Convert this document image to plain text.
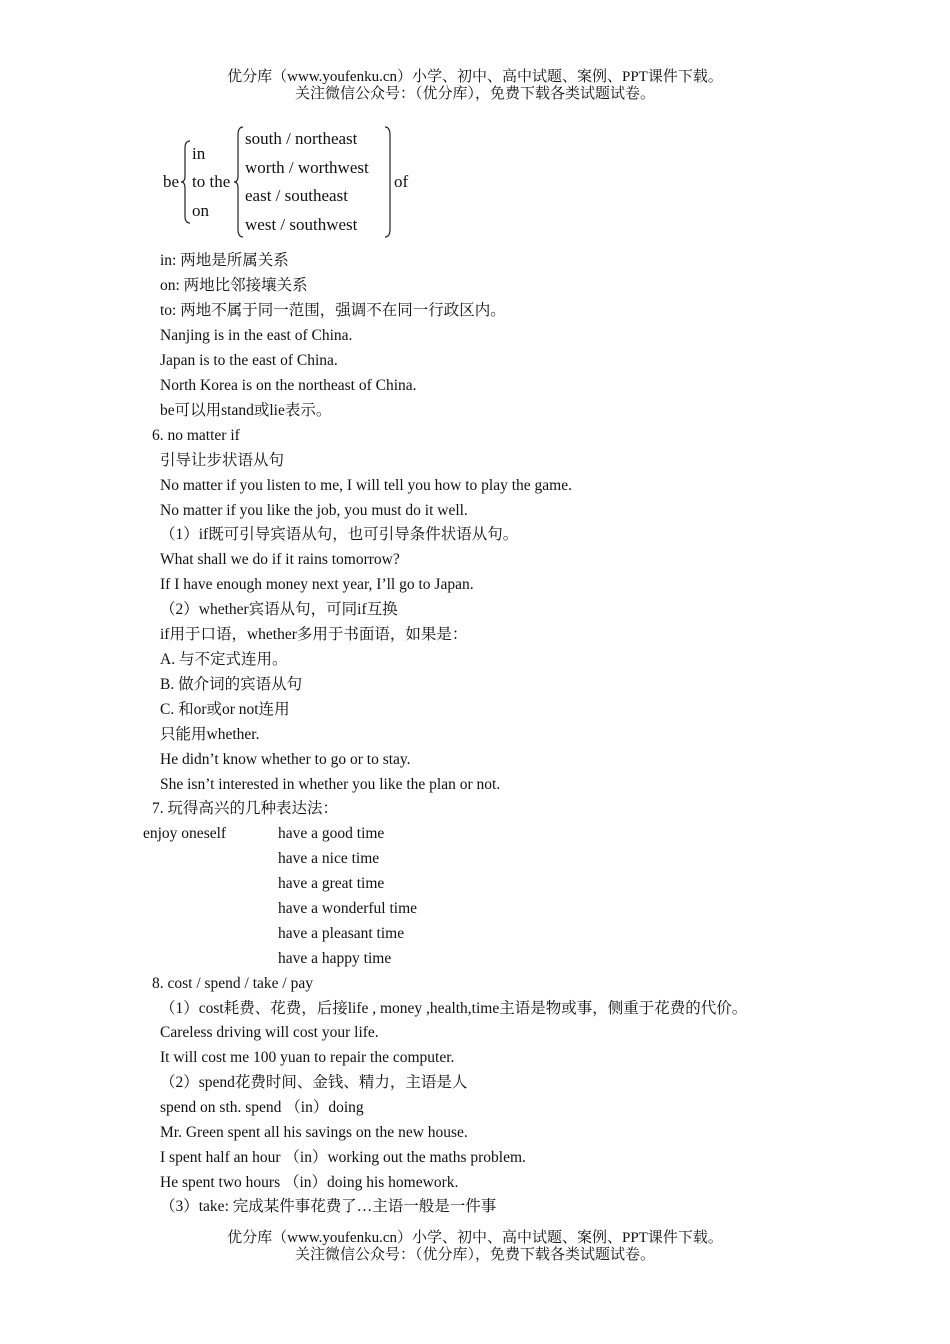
优分库（www.youfenku.cn）小学、初中、高中试题、案例、PPT课件下载。
关注微信公众号：（优分库），免费下载各类试题试卷。
be
in
to the
on
south / northeast
worth / worthwest
east / southeast
west / southwest
of
in: 两地是所属关系
on: 两地比邻接壤关系
to: 两地不属于同一范围，强调不在同一行政区内。
Nanjing is in the east of China.
Japan is to the east of China.
North Korea is on the northeast of China.
be可以用stand或lie表示。
6. no matter if
引导让步状语从句
No matter if you listen to me, I will tell you how to play the game.
No matter if you like the job, you must do it well.
（1）if既可引导宾语从句，也可引导条件状语从句。
What shall we do if it rains tomorrow?
If I have enough money next year, I’ll go to Japan.
（2）whether宾语从句，可同if互换
if用于口语，whether多用于书面语，如果是：
A. 与不定式连用。
B. 做介词的宾语从句
C. 和or或or not连用
只能用whether.
He didn’t know whether to go or to stay.
She isn’t interested in whether you like the plan or not.
7. 玩得高兴的几种表达法：
enjoy oneself	have a good time
have a nice time
have a great time
have a wonderful time
have a pleasant time
have a happy time
8. cost / spend / take / pay
（1）cost耗费、花费，后接life , money ,health,time主语是物或事，侧重于花费的代价。
Careless driving will cost your life.
It will cost me 100 yuan to repair the computer.
（2）spend花费时间、金钱、精力，主语是人
spend on sth. spend （in）doing
Mr. Green spent all his savings on the new house.
I spent half an hour （in）working out the maths problem.
He spent two hours （in）doing his homework.
（3）take: 完成某件事花费了…主语一般是一件事
优分库（www.youfenku.cn）小学、初中、高中试题、案例、PPT课件下载。
关注微信公众号：（优分库），免费下载各类试题试卷。
